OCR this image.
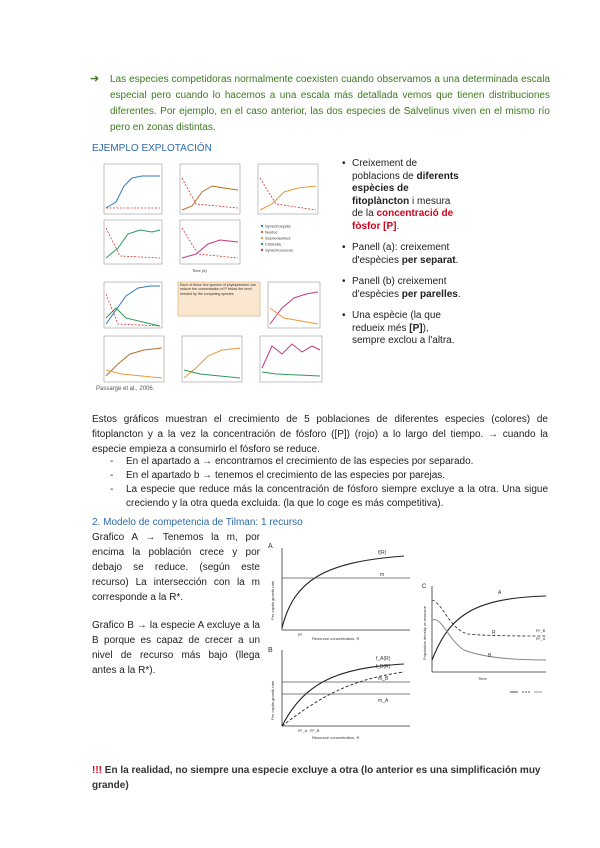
➜ Las especies competidoras normalmente coexisten cuando observamos a una determinada escala especial pero cuando lo hacemos a una escala más detallada vemos que tienen distribuciones diferentes. Por ejemplo, en el caso anterior, las dos especies de Salvelinus viven en el mismo río pero en zonas distintas.
EJEMPLO EXPLOTACIÓN
Synechocystis
Nostoc
Scenedesmus
Chlorella
Synechococcus
Time (d)
Each of these five species of phytoplankton can reduce the concentration of P below the level needed by the competing species
Passarge et al., 2006.
• Creixement de poblacions de diferents espècies de fitoplàncton i mesura de la concentració de fòsfor [P].
• Panell (a): creixement d'espècies per separat.
• Panell (b) creixement d'espècies per parelles.
• Una espècie (la que redueix més [P]), sempre exclou a l'altra.
Estos gráficos muestran el crecimiento de 5 poblaciones de diferentes especies (colores) de fitoplancton y a la vez la concentración de fósforo ([P]) (rojo) a lo largo del tiempo. → cuando la especie empieza a consumirlo el fósforo se reduce.
- En el apartado a → encontramos el crecimiento de las especies por separado.
- En el apartado b → tenemos el crecimiento de las especies por parejas.
- La especie que reduce más la concentración de fósforo siempre excluye a la otra. Una sigue creciendo y la otra queda excluida. (la que lo coge es más competitiva).
2. Modelo de competencia de Tilman: 1 recurso
Grafico A → Tenemos la m, por encima la población crece y por debajo se reduce. (según este recurso) La intersección con la m corresponde a la R*.
Grafico B → la especie A excluye a la B porque es capaz de crecer a un nivel de recurso más bajo (llega antes a la R*).
A
f(R)
m
R*
Resource concentration, R
Per capita growth rate
B
f_A(R)
f_B(R)
m_B
m_A
R*_A R*_B
Resource concentration, R
Per capita growth rate
C
A
B
R	R*_B
R*_A
Time
Population density or resource
!!! En la realidad, no siempre una especie excluye a otra (lo anterior es una simplificación muy grande)
